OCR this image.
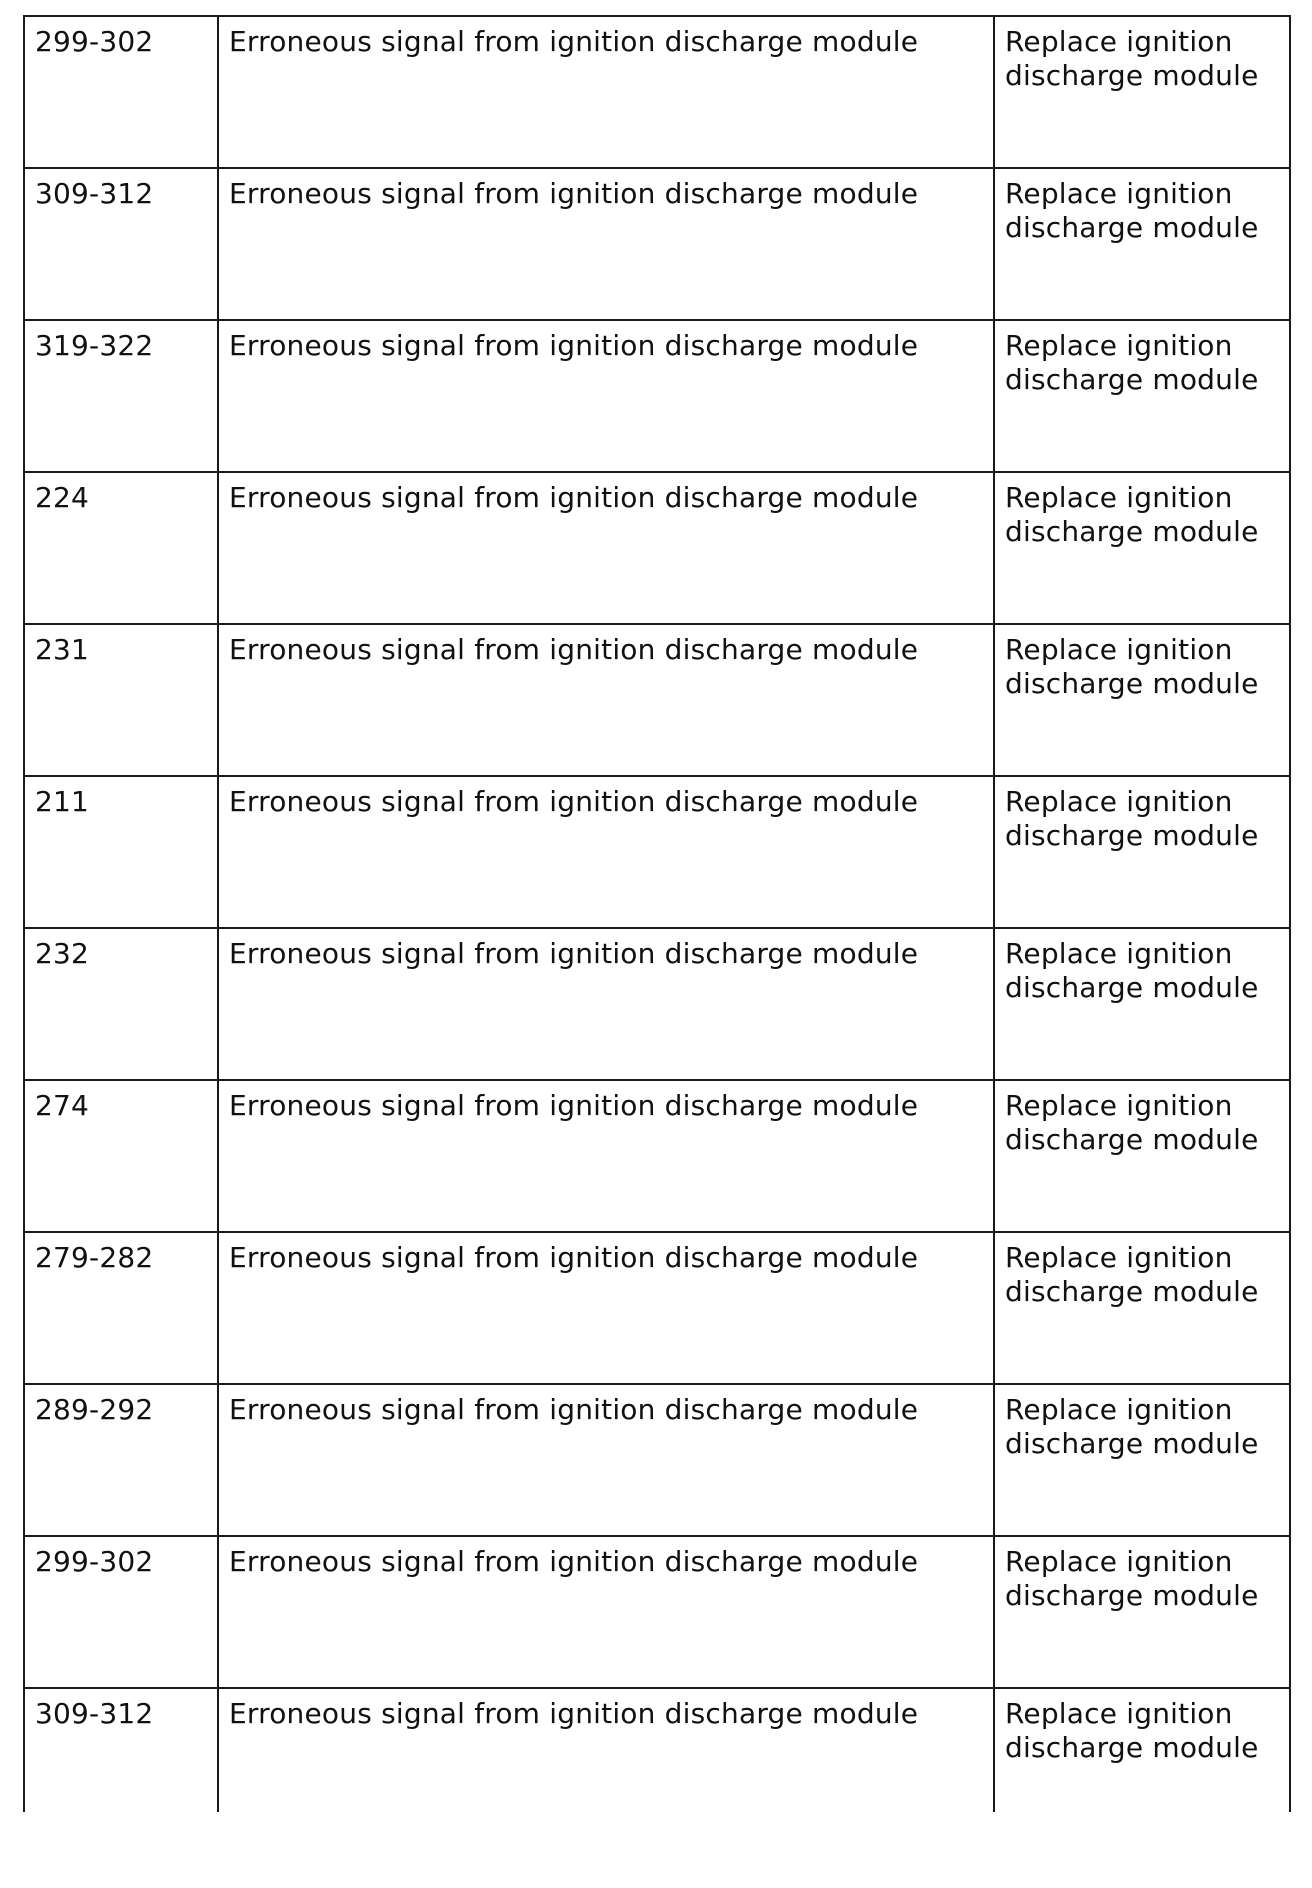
299-302	Erroneous signal from ignition discharge module	Replace ignition discharge module
309-312	Erroneous signal from ignition discharge module	Replace ignition discharge module
319-322	Erroneous signal from ignition discharge module	Replace ignition discharge module
224	Erroneous signal from ignition discharge module	Replace ignition discharge module
231	Erroneous signal from ignition discharge module	Replace ignition discharge module
211	Erroneous signal from ignition discharge module	Replace ignition discharge module
232	Erroneous signal from ignition discharge module	Replace ignition discharge module
274	Erroneous signal from ignition discharge module	Replace ignition discharge module
279-282	Erroneous signal from ignition discharge module	Replace ignition discharge module
289-292	Erroneous signal from ignition discharge module	Replace ignition discharge module
299-302	Erroneous signal from ignition discharge module	Replace ignition discharge module
309-312	Erroneous signal from ignition discharge module	Replace ignition discharge module
